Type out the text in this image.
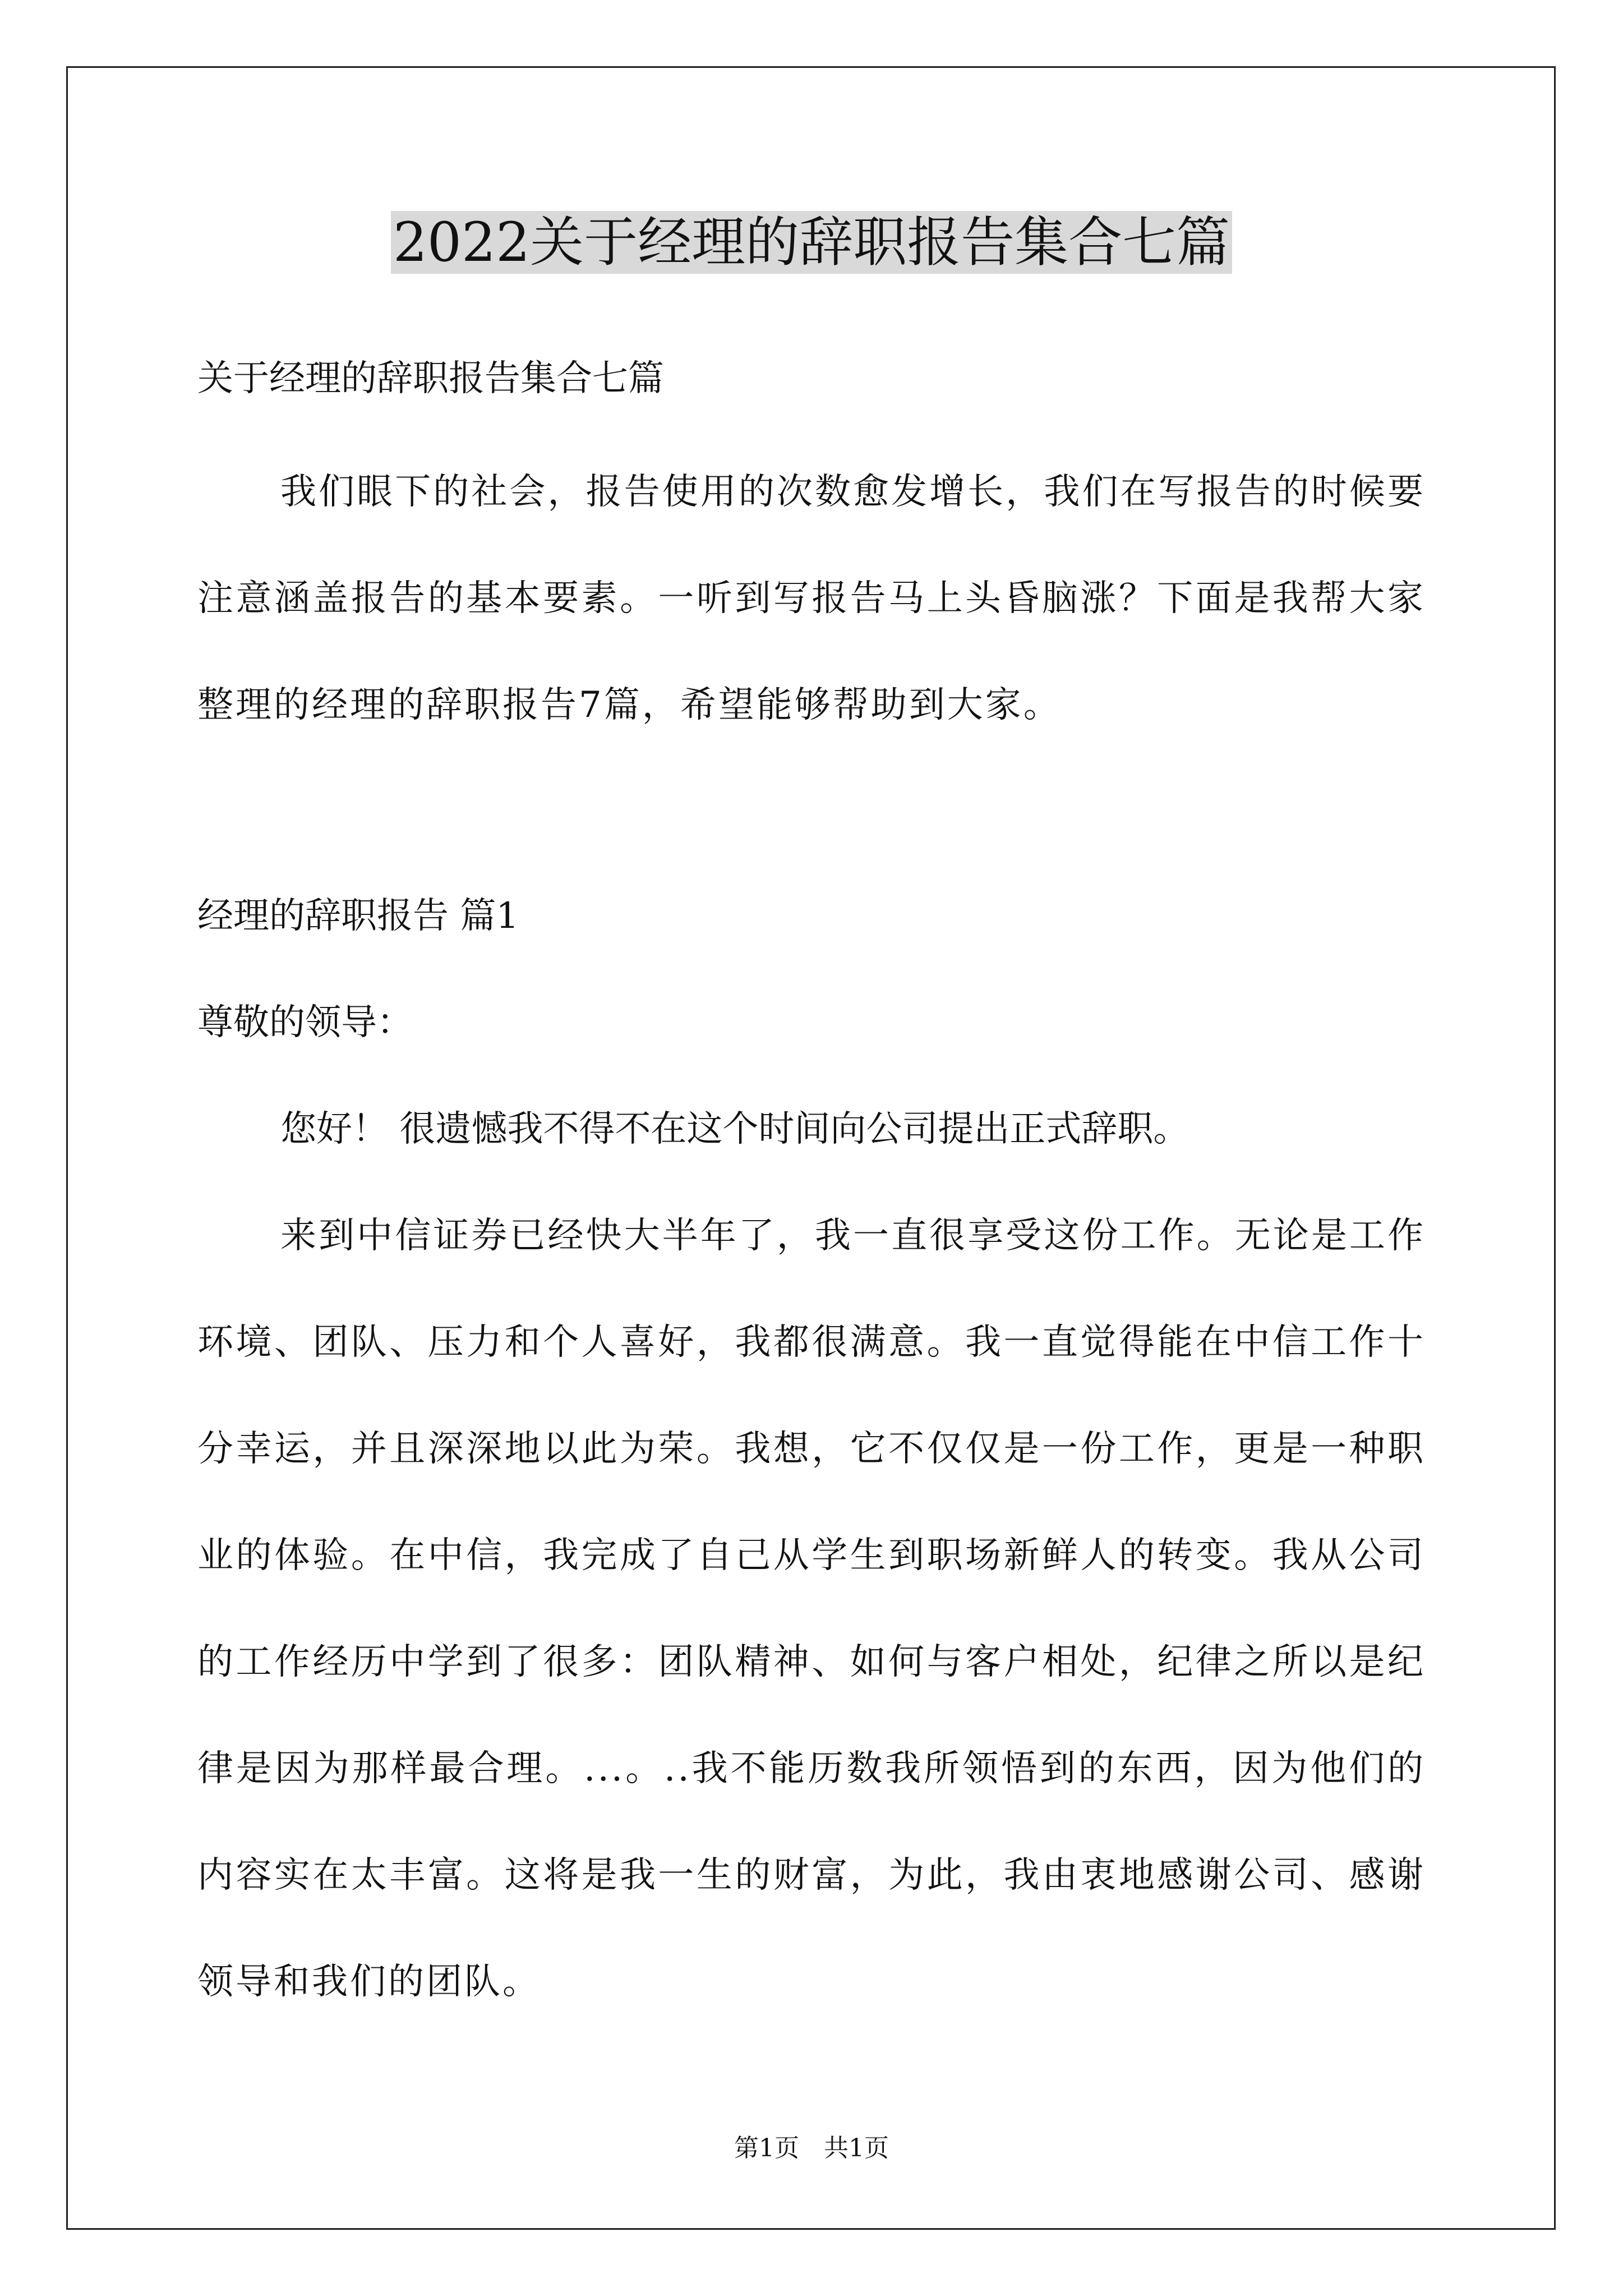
2022关于经理的辞职报告集合七篇

关于经理的辞职报告集合七篇

我们眼下的社会，报告使用的次数愈发增长，我们在写报告的时候要注意涵盖报告的基本要素。一听到写报告马上头昏脑涨？下面是我帮大家整理的经理的辞职报告7篇，希望能够帮助到大家。

经理的辞职报告 篇1

尊敬的领导：

您好！ 很遗憾我不得不在这个时间向公司提出正式辞职。

来到中信证券已经快大半年了，我一直很享受这份工作。无论是工作环境、团队、压力和个人喜好，我都很满意。我一直觉得能在中信工作十分幸运，并且深深地以此为荣。我想，它不仅仅是一份工作，更是一种职业的体验。在中信，我完成了自己从学生到职场新鲜人的转变。我从公司的工作经历中学到了很多：团队精神、如何与客户相处，纪律之所以是纪律是因为那样最合理。...。..我不能历数我所领悟到的东西，因为他们的内容实在太丰富。这将是我一生的财富，为此，我由衷地感谢公司、感谢领导和我们的团队。

第1页　共1页
